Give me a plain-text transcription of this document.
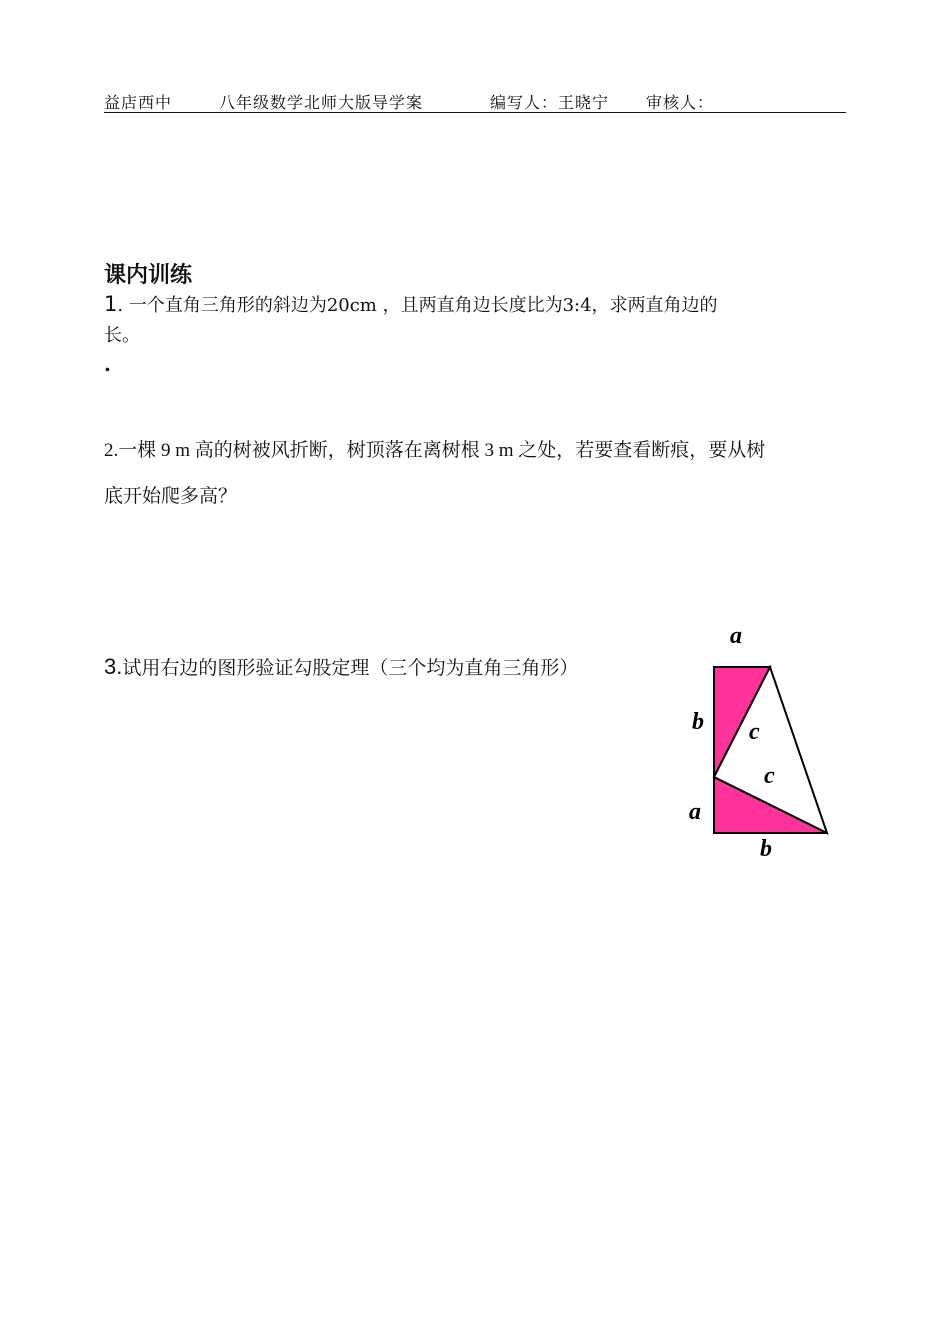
益店西中	八年级数学北师大版导学案	编写人：王晓宁 审核人：
课内训练
1. 一个直角三角形的斜边为20cm ，且两直角边长度比为3:4，求两直角边的
长。
.
2.一棵 9 m 高的树被风折断，树顶落在离树根 3 m 之处，若要查看断痕，要从树
底开始爬多高？
3.试用右边的图形验证勾股定理（三个均为直角三角形）
a
b c
c
a
b
